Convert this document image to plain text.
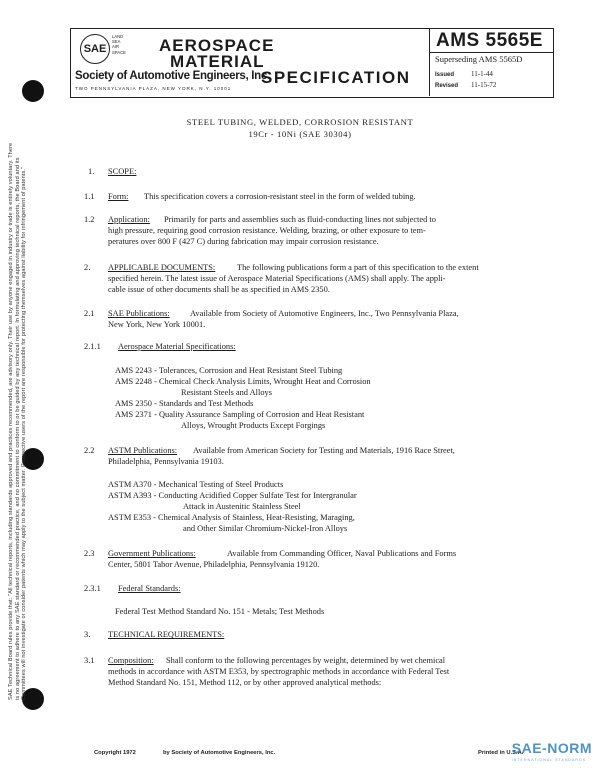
SAE Technical Board rules provide that: "All technical reports, including standards approved and practices recommended, are advisory only. Their use by anyone engaged in industry or trade is entirely voluntary. There is no agreement to adhere to any SAE standard or recommended practice, and no commitment to conform to or be guided by any technical report. In formulating and approving technical reports, the Board and its Committees will not investigate or consider patents which may apply to the subject matter. Prospective users of the report are responsible for protecting themselves against liability for infringement of patents."
SAE
LAND
SEA
AIR
SPACE	AEROSPACE
MATERIAL
SPECIFICATION
Society of Automotive Engineers, Inc.
TWO PENNSYLVANIA PLAZA, NEW YORK, N.Y. 10001
AMS 5565E
Superseding AMS 5565D
Issued 11-1-44
Revised 11-15-72
STEEL TUBING, WELDED, CORROSION RESISTANT
19Cr - 10Ni (SAE 30304)
1. SCOPE:
1.1 Form: This specification covers a corrosion-resistant steel in the form of welded tubing.
1.2 Application: Primarily for parts and assemblies such as fluid-conducting lines not subjected to
high pressure, requiring good corrosion resistance. Welding, brazing, or other exposure to tem-
peratures over 800 F (427 C) during fabrication may impair corrosion resistance.
2. APPLICABLE DOCUMENTS:	The following publications form a part of this specification to the extent
specified herein. The latest issue of Aerospace Material Specifications (AMS) shall apply. The appli-
cable issue of other documents shall be as specified in AMS 2350.
2.1 SAE Publications: Available from Society of Automotive Engineers, Inc., Two Pennsylvania Plaza,
New York, New York 10001.
2.1.1 Aerospace Material Specifications:
AMS 2243 - Tolerances, Corrosion and Heat Resistant Steel Tubing
AMS 2248 - Chemical Check Analysis Limits, Wrought Heat and Corrosion
Resistant Steels and Alloys
AMS 2350 - Standards and Test Methods
AMS 2371 - Quality Assurance Sampling of Corrosion and Heat Resistant
Alloys, Wrought Products Except Forgings
2.2 ASTM Publications: Available from American Society for Testing and Materials, 1916 Race Street,
Philadelphia, Pennsylvania 19103.
ASTM A370 - Mechanical Testing of Steel Products
ASTM A393 - Conducting Acidified Copper Sulfate Test for Intergranular
Attack in Austenitic Stainless Steel
ASTM E353 - Chemical Analysis of Stainless, Heat-Resisting, Maraging,
and Other Similar Chromium-Nickel-Iron Alloys
2.3 Government Publications:	Available from Commanding Officer, Naval Publications and Forms
Center, 5801 Tabor Avenue, Philadelphia, Pennsylvania 19120.
2.3.1 Federal Standards:
Federal Test Method Standard No. 151 - Metals; Test Methods
3. TECHNICAL REQUIREMENTS:
3.1 Composition: Shall conform to the following percentages by weight, determined by wet chemical
methods in accordance with ASTM E353, by spectrographic methods in accordance with Federal Test
Method Standard No. 151, Method 112, or by other approved analytical methods:
Copyright 1972	by Society of Automotive Engineers, Inc.	Printed in U.S.A.
SAE-NORM
INTERNATIONAL STANDARDS
